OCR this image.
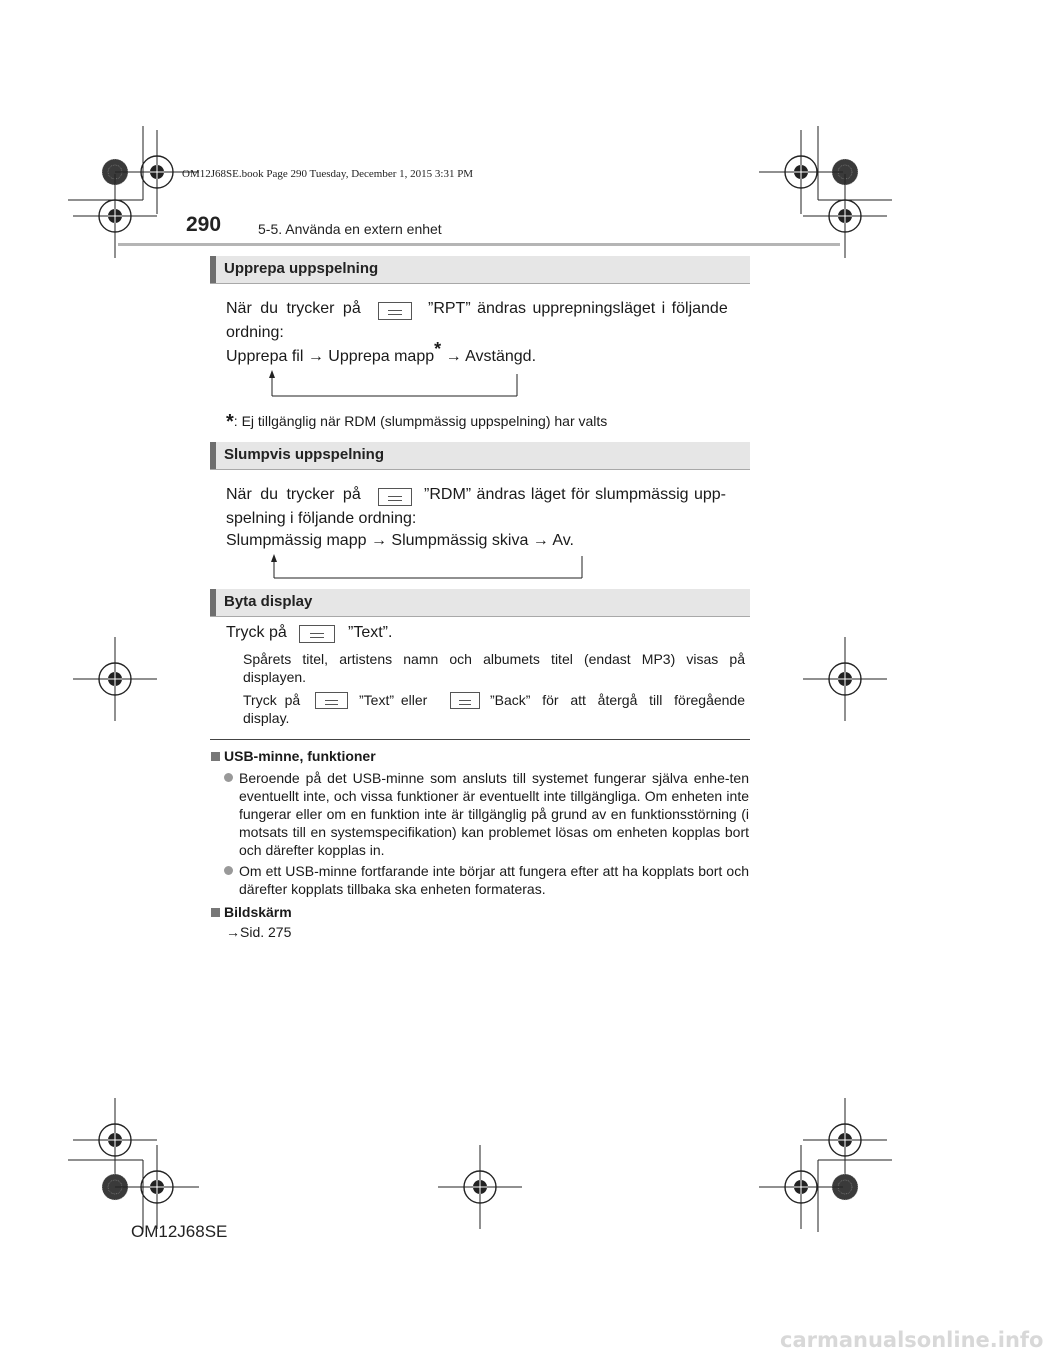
OM12J68SE.book Page 290 Tuesday, December 1, 2015 3:31 PM
290	5-5. Använda en extern enhet
Upprepa uppspelning
När du trycker på	”RPT” ändras upprepningsläget i följande
ordning:
Upprepa fil → Upprepa mapp* → Avstängd.
*: Ej tillgänglig när RDM (slumpmässig uppspelning) har valts
Slumpvis uppspelning
När du trycker på	”RDM” ändras läget för slumpmässig upp-
spelning i följande ordning:
Slumpmässig mapp → Slumpmässig skiva → Av.
Byta display
Tryck på	”Text”.
Spårets titel, artistens namn och albumets titel (endast MP3) visas på
displayen.
Tryck på	”Text” eller	”Back” för att återgå till föregående
display.
USB-minne, funktioner
Beroende på det USB-minne som ansluts till systemet fungerar själva enhe-ten eventuellt inte, och vissa funktioner är eventuellt inte tillgängliga. Om enheten inte fungerar eller om en funktion inte är tillgänglig på grund av en funktionsstörning (i motsats till en systemspecifikation) kan problemet lösas om enheten kopplas bort och därefter kopplas in.
Om ett USB-minne fortfarande inte börjar att fungera efter att ha kopplats bort och därefter kopplats tillbaka ska enheten formateras.
Bildskärm
→Sid. 275
OM12J68SE
carmanualsonline.info
